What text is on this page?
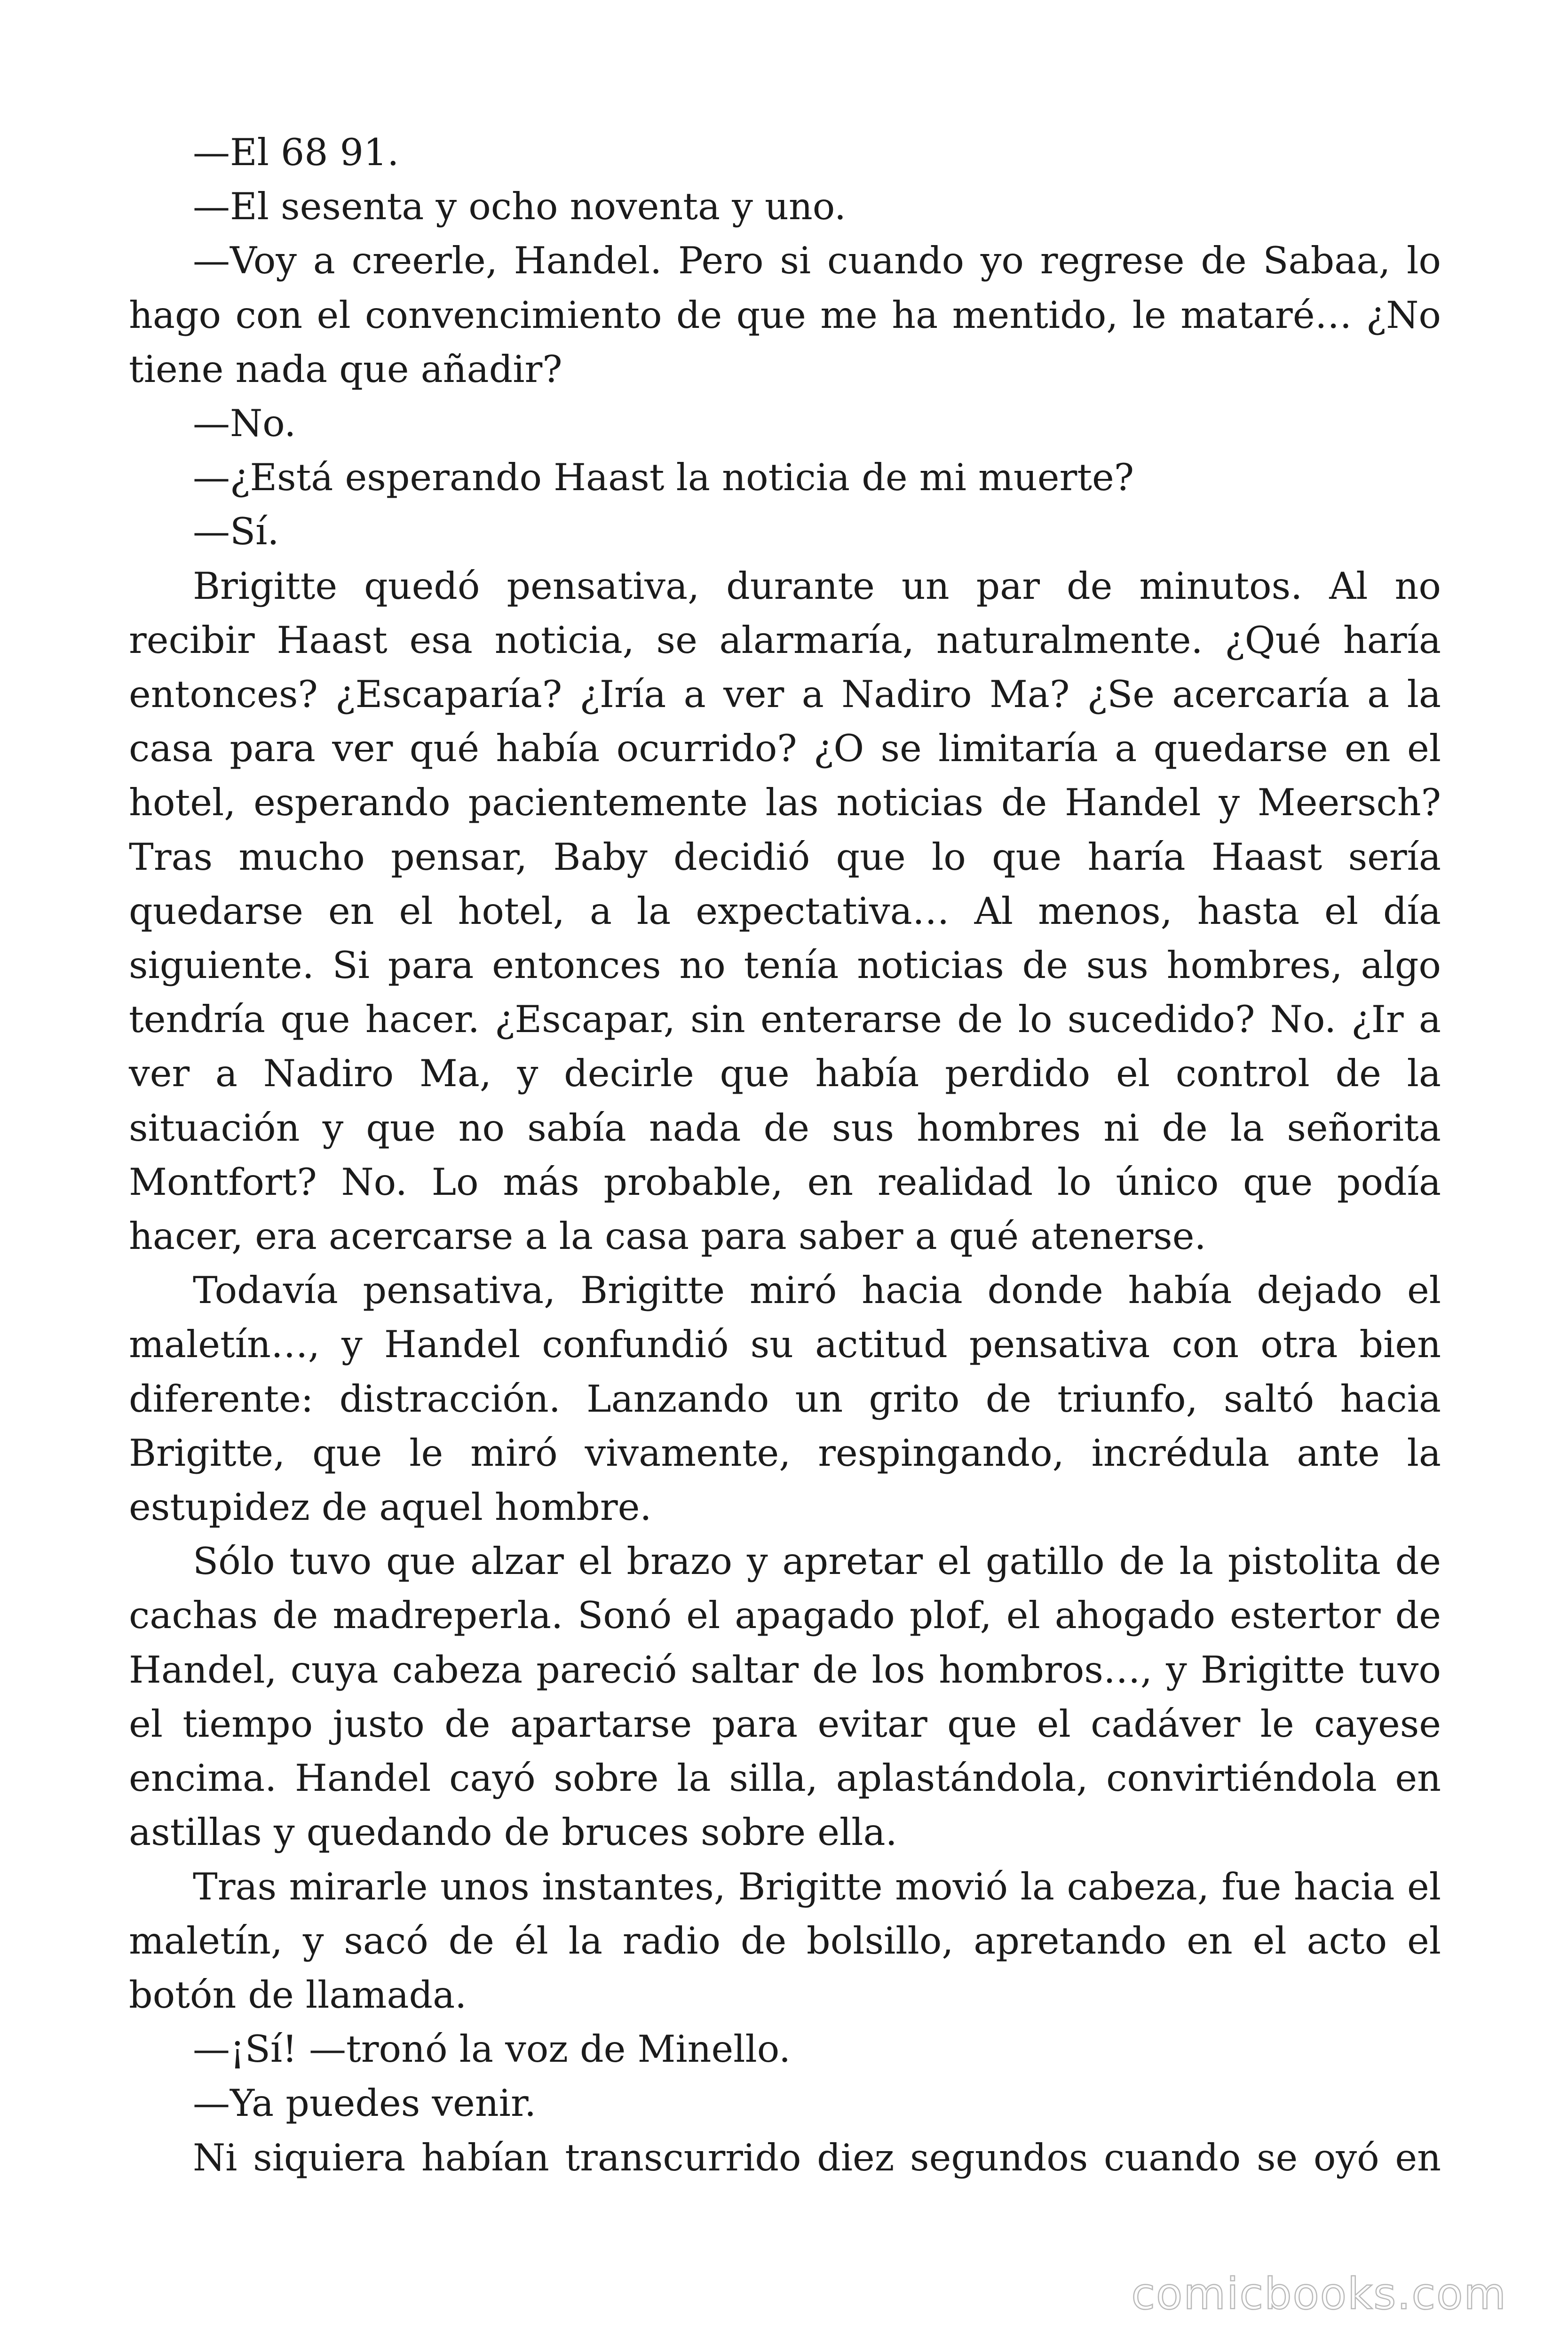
—El 68 91.

—El sesenta y ocho noventa y uno.

—Voy a creerle, Handel. Pero si cuando yo regrese de Sabaa, lo hago con el convencimiento de que me ha mentido, le mataré… ¿No tiene nada que añadir?

—No.

—¿Está esperando Haast la noticia de mi muerte?

—Sí.

Brigitte quedó pensativa, durante un par de minutos. Al no recibir Haast esa noticia, se alarmaría, naturalmente. ¿Qué haría entonces? ¿Escaparía? ¿Iría a ver a Nadiro Ma? ¿Se acercaría a la casa para ver qué había ocurrido? ¿O se limitaría a quedarse en el hotel, esperando pacientemente las noticias de Handel y Meersch? Tras mucho pensar, Baby decidió que lo que haría Haast sería quedarse en el hotel, a la expectativa… Al menos, hasta el día siguiente. Si para entonces no tenía noticias de sus hombres, algo tendría que hacer. ¿Escapar, sin enterarse de lo sucedido? No. ¿Ir a ver a Nadiro Ma, y decirle que había perdido el control de la situación y que no sabía nada de sus hombres ni de la señorita Montfort? No. Lo más probable, en realidad lo único que podía hacer, era acercarse a la casa para saber a qué atenerse.

Todavía pensativa, Brigitte miró hacia donde había dejado el maletín…, y Handel confundió su actitud pensativa con otra bien diferente: distracción. Lanzando un grito de triunfo, saltó hacia Brigitte, que le miró vivamente, respingando, incrédula ante la estupidez de aquel hombre.

Sólo tuvo que alzar el brazo y apretar el gatillo de la pistolita de cachas de madreperla. Sonó el apagado plof, el ahogado estertor de Handel, cuya cabeza pareció saltar de los hombros…, y Brigitte tuvo el tiempo justo de apartarse para evitar que el cadáver le cayese encima. Handel cayó sobre la silla, aplastándola, convirtiéndola en astillas y quedando de bruces sobre ella.

Tras mirarle unos instantes, Brigitte movió la cabeza, fue hacia el maletín, y sacó de él la radio de bolsillo, apretando en el acto el botón de llamada.

—¡Sí! —tronó la voz de Minello.

—Ya puedes venir.

Ni siquiera habían transcurrido diez segundos cuando se oyó en

comicbooks.com
